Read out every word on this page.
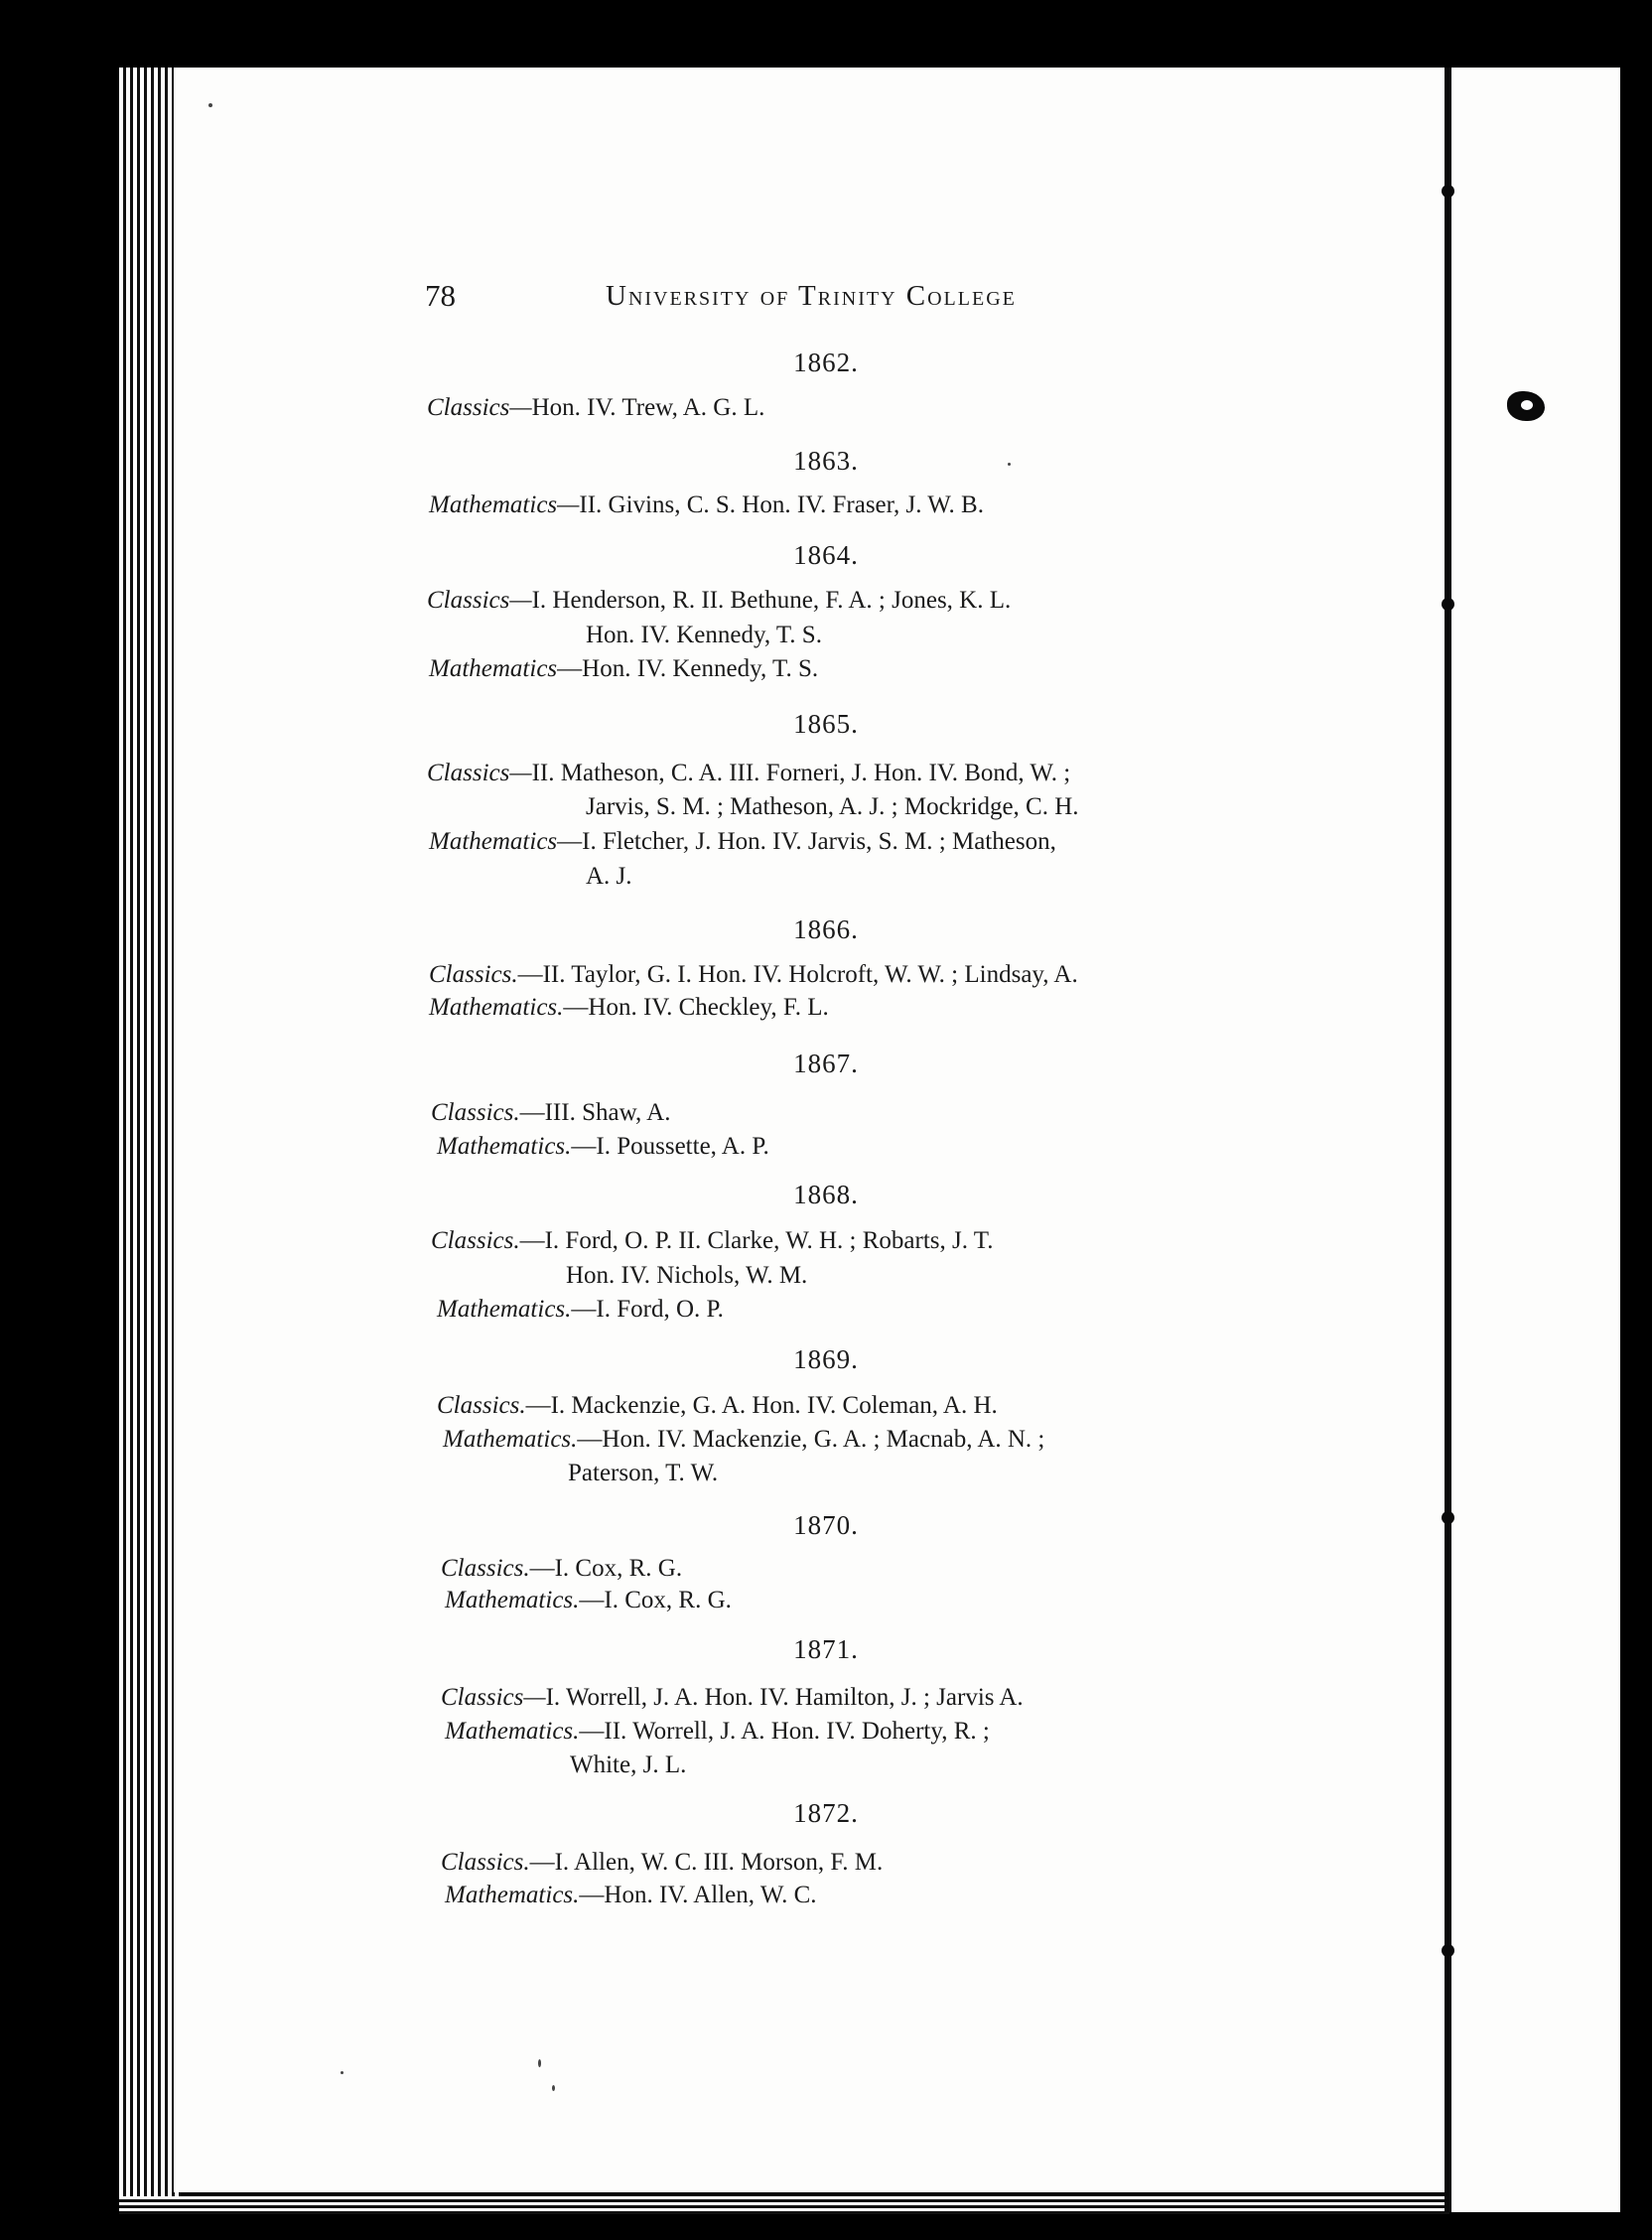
78	University of Trinity College
1862.
Classics—Hon. IV. Trew, A. G. L.
1863.
Mathematics—II. Givins, C. S. Hon. IV. Fraser, J. W. B.
1864.
Classics—I. Henderson, R. II. Bethune, F. A. ; Jones, K. L.
Hon. IV. Kennedy, T. S.
Mathematics—Hon. IV. Kennedy, T. S.
1865.
Classics—II. Matheson, C. A. III. Forneri, J. Hon. IV. Bond, W. ;
Jarvis, S. M. ; Matheson, A. J. ; Mockridge, C. H.
Mathematics—I. Fletcher, J. Hon. IV. Jarvis, S. M. ; Matheson,
A. J.
1866.
Classics.—II. Taylor, G. I. Hon. IV. Holcroft, W. W. ; Lindsay, A.
Mathematics.—Hon. IV. Checkley, F. L.
1867.
Classics.—III. Shaw, A.
Mathematics.—I. Poussette, A. P.
1868.
Classics.—I. Ford, O. P. II. Clarke, W. H. ; Robarts, J. T.
Hon. IV. Nichols, W. M.
Mathematics.—I. Ford, O. P.
1869.
Classics.—I. Mackenzie, G. A. Hon. IV. Coleman, A. H.
Mathematics.—Hon. IV. Mackenzie, G. A. ; Macnab, A. N. ;
Paterson, T. W.
1870.
Classics.—I. Cox, R. G.
Mathematics.—I. Cox, R. G.
1871.
Classics—I. Worrell, J. A. Hon. IV. Hamilton, J. ; Jarvis A.
Mathematics.—II. Worrell, J. A. Hon. IV. Doherty, R. ;
White, J. L.
1872.
Classics.—I. Allen, W. C. III. Morson, F. M.
Mathematics.—Hon. IV. Allen, W. C.
